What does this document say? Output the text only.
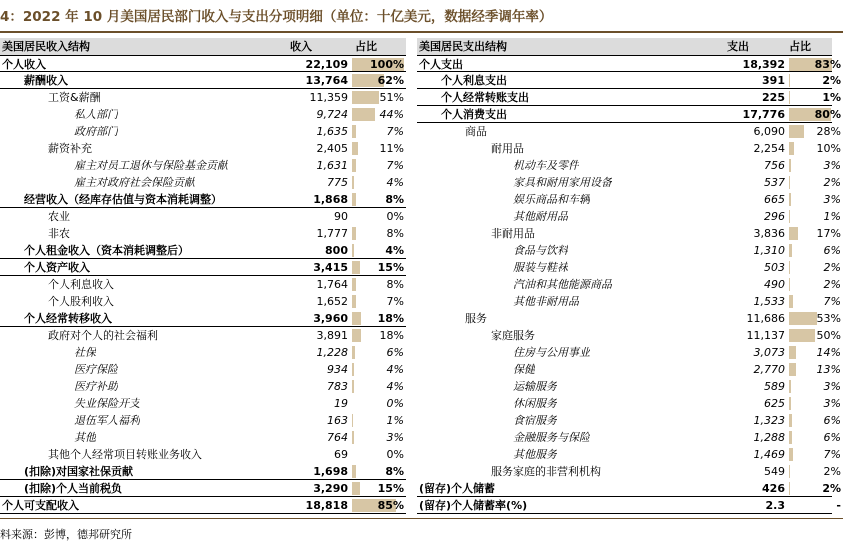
4：2022 年 10 月美国居民部门收入与支出分项明细（单位：十亿美元，数据经季调年率）
美国居民收入结构	收入	占比
个人收入	22,109	100%
薪酬收入	13,764	62%
工资&薪酬	11,359	51%
私人部门	9,724	44%
政府部门	1,635	7%
薪资补充	2,405	11%
雇主对员工退休与保险基金贡献	1,631	7%
雇主对政府社会保险贡献	775	4%
经营收入（经库存估值与资本消耗调整）	1,868	8%
农业	90	0%
非农	1,777	8%
个人租金收入（资本消耗调整后）	800	4%
个人资产收入	3,415	15%
个人利息收入	1,764	8%
个人股利收入	1,652	7%
个人经常转移收入	3,960	18%
政府对个人的社会福利	3,891	18%
社保	1,228	6%
医疗保险	934	4%
医疗补助	783	4%
失业保险开支	19	0%
退伍军人福利	163	1%
其他	764	3%
其他个人经常项目转账业务收入	69	0%
(扣除)对国家社保贡献	1,698	8%
(扣除)个人当前税负	3,290	15%
个人可支配收入	18,818	85%
美国居民支出结构	支出	占比
个人支出	18,392	83%
个人利息支出	391	2%
个人经常转账支出	225	1%
个人消费支出	17,776	80%
商品	6,090	28%
耐用品	2,254	10%
机动车及零件	756	3%
家具和耐用家用设备	537	2%
娱乐商品和车辆	665	3%
其他耐用品	296	1%
非耐用品	3,836	17%
食品与饮料	1,310	6%
服装与鞋袜	503	2%
汽油和其他能源商品	490	2%
其他非耐用品	1,533	7%
服务	11,686	53%
家庭服务	11,137	50%
住房与公用事业	3,073	14%
保健	2,770	13%
运输服务	589	3%
休闲服务	625	3%
食宿服务	1,323	6%
金融服务与保险	1,288	6%
其他服务	1,469	7%
服务家庭的非营利机构	549	2%
(留存)个人储蓄	426	2%
(留存)个人储蓄率(%)	2.3	-
料来源：彭博，德邦研究所
